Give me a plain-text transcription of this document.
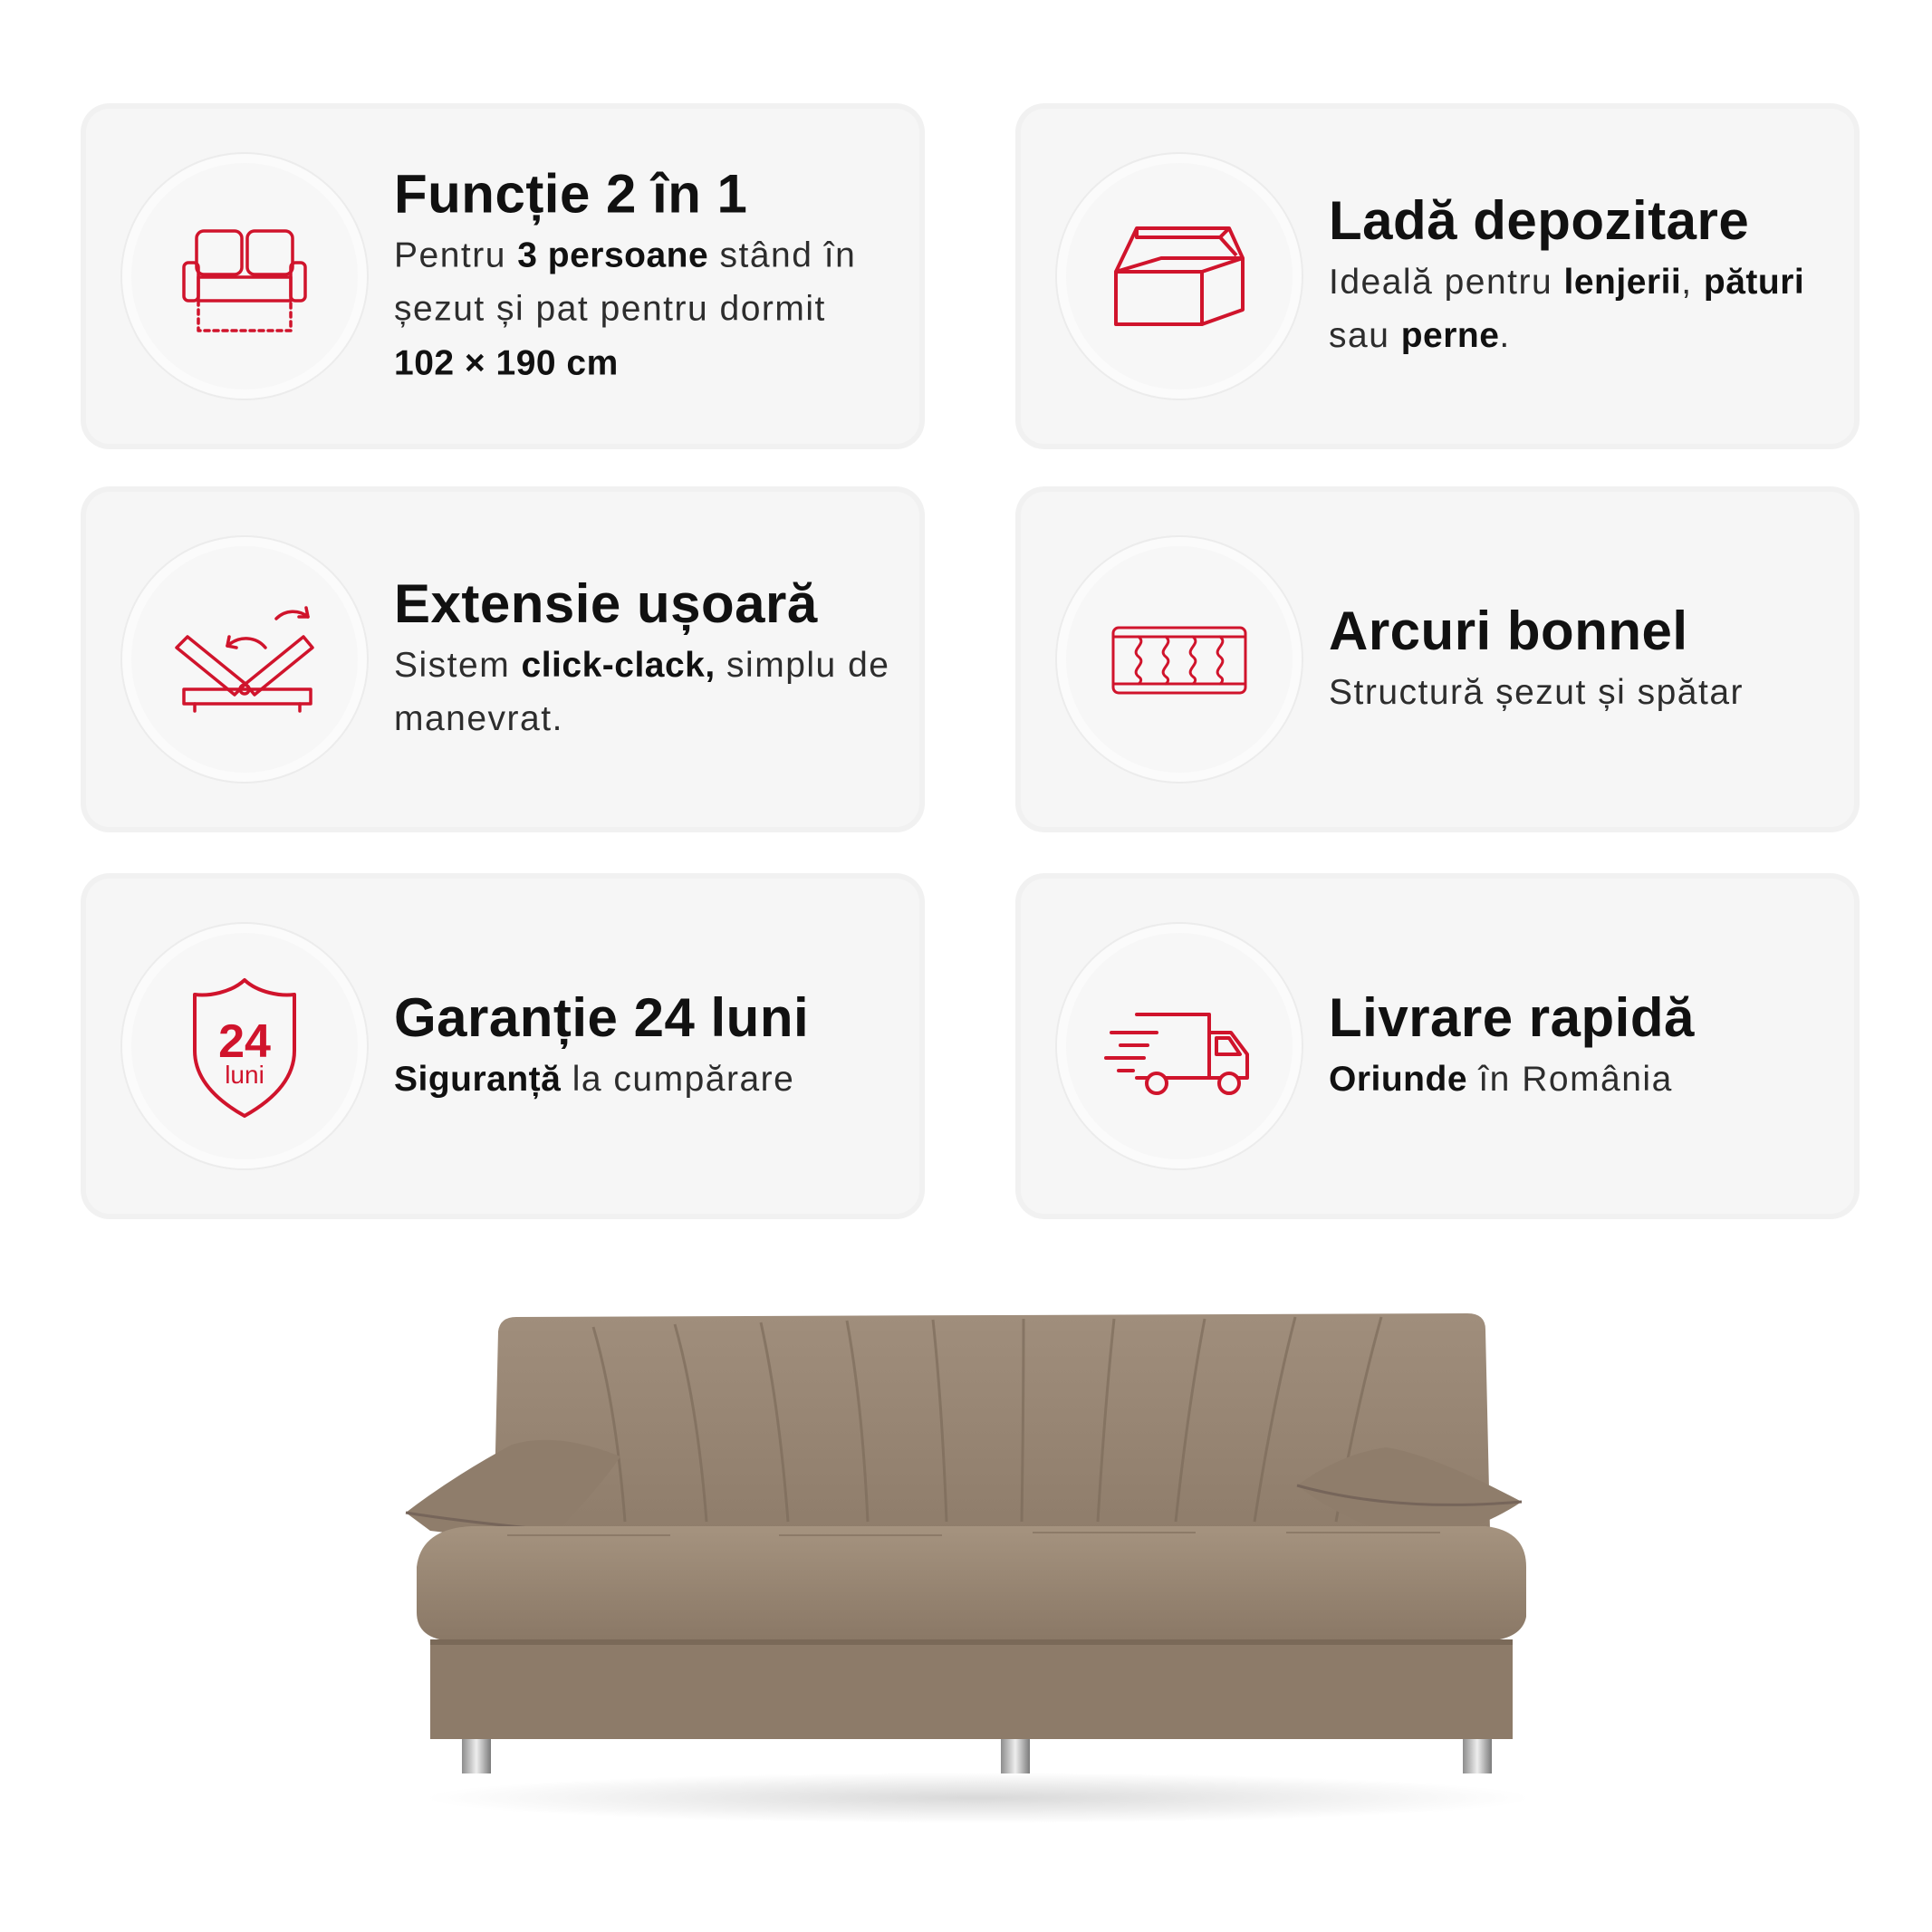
Funcție 2 în 1
Pentru 3 persoane stând în șezut și pat pentru dormit 102 × 190 cm
Ladă depozitare
Ideală pentru lenjerii, pături sau perne.
Extensie ușoară
Sistem click-clack, simplu de manevrat.
Arcuri bonnel
Structură șezut și spătar
24
luni
Garanție 24 luni
Siguranță la cumpărare
Livrare rapidă
Oriunde în România
